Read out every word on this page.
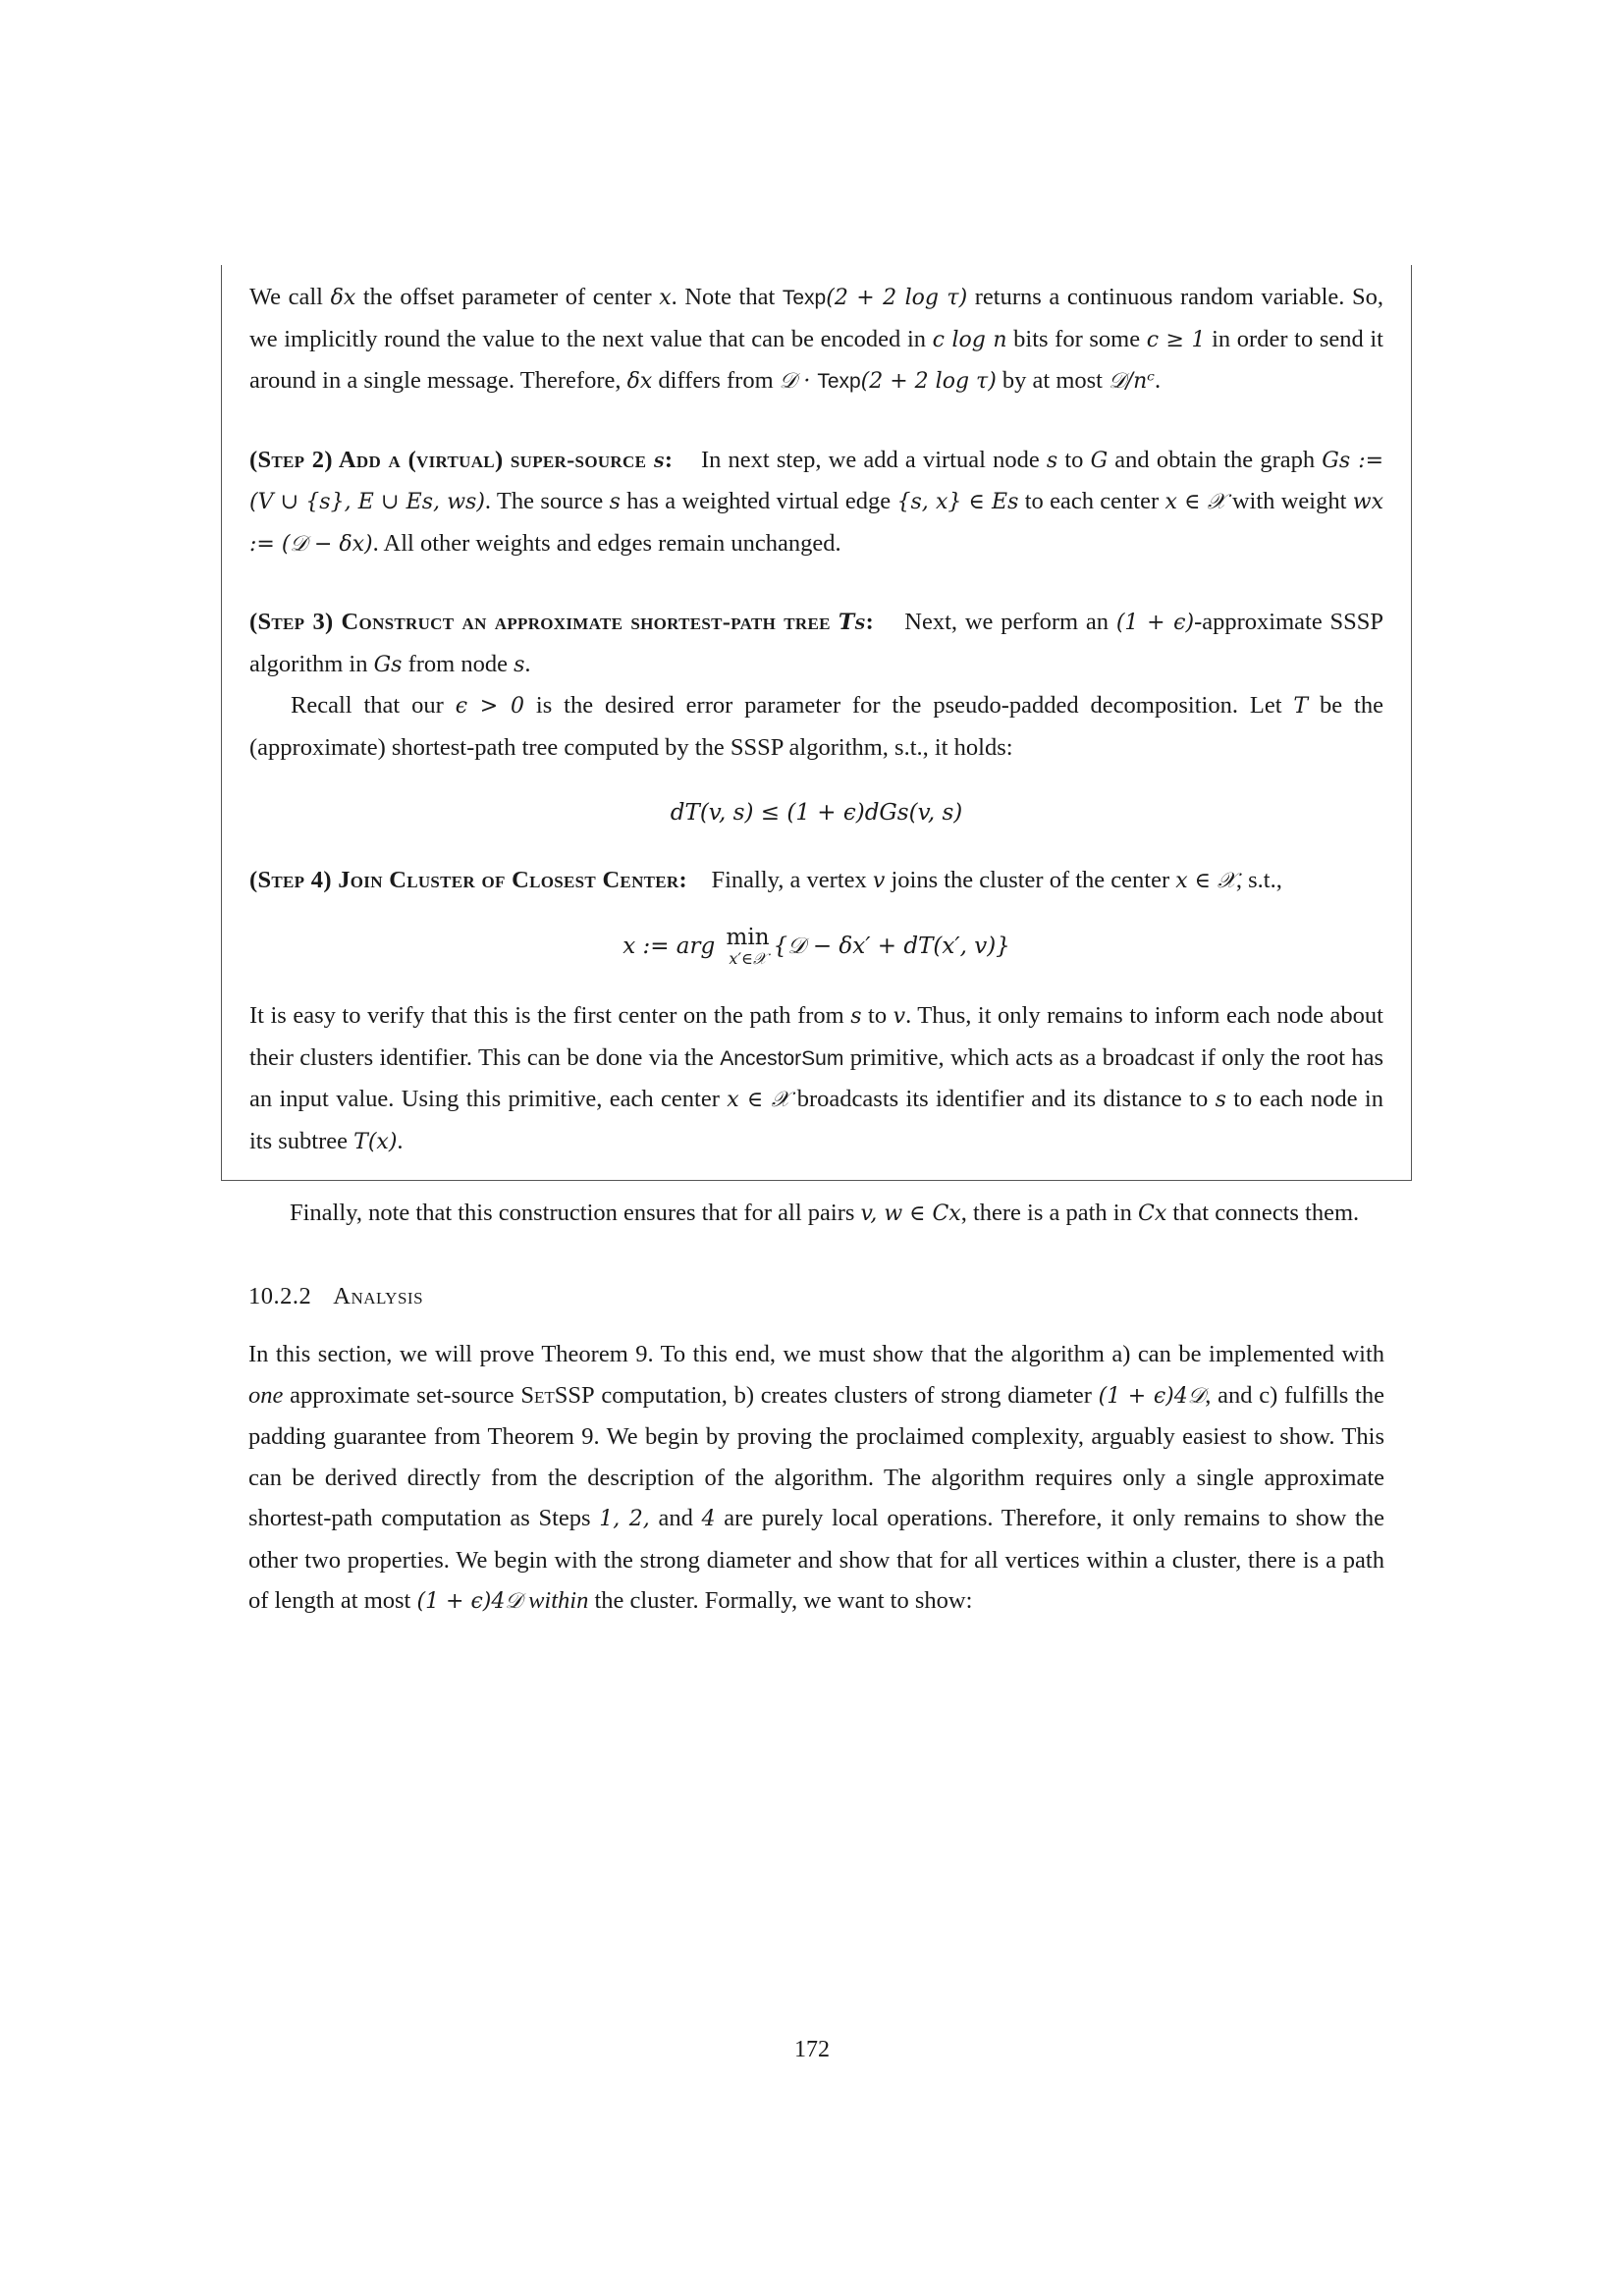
We call δx the offset parameter of center x. Note that Texp(2 + 2 log τ) returns a continuous random variable. So, we implicitly round the value to the next value that can be encoded in c log n bits for some c ≥ 1 in order to send it around in a single message. Therefore, δx differs from 𝒟 · Texp(2 + 2 log τ) by at most 𝒟/nᶜ.

(Step 2) Add a (virtual) super-source s: In next step, we add a virtual node s to G and obtain the graph Gs := (V ∪ {s}, E ∪ Es, ws). The source s has a weighted virtual edge {s, x} ∈ Es to each center x ∈ 𝒳 with weight wx := (𝒟 − δx). All other weights and edges remain unchanged.

(Step 3) Construct an approximate shortest-path tree Ts: Next, we perform an (1 + ϵ)-approximate SSSP algorithm in Gs from node s.

Recall that our ϵ > 0 is the desired error parameter for the pseudo-padded decomposition. Let T be the (approximate) shortest-path tree computed by the SSSP algorithm, s.t., it holds:

dT(v, s) ≤ (1 + ϵ)dGs(v, s)

(Step 4) Join Cluster of Closest Center: Finally, a vertex v joins the cluster of the center x ∈ 𝒳, s.t.,

x := arg min
x′∈𝒳 {𝒟 − δx′ + dT(x′, v)}

It is easy to verify that this is the first center on the path from s to v. Thus, it only remains to inform each node about their clusters identifier. This can be done via the AncestorSum primitive, which acts as a broadcast if only the root has an input value. Using this primitive, each center x ∈ 𝒳 broadcasts its identifier and its distance to s to each node in its subtree T(x).

Finally, note that this construction ensures that for all pairs v, w ∈ Cx, there is a path in Cx that connects them.

10.2.2 Analysis

In this section, we will prove Theorem 9. To this end, we must show that the algorithm a) can be implemented with one approximate set-source SetSSP computation, b) creates clusters of strong diameter (1 + ϵ)4𝒟, and c) fulfills the padding guarantee from Theorem 9. We begin by proving the proclaimed complexity, arguably easiest to show. This can be derived directly from the description of the algorithm. The algorithm requires only a single approximate shortest-path computation as Steps 1, 2, and 4 are purely local operations. Therefore, it only remains to show the other two properties. We begin with the strong diameter and show that for all vertices within a cluster, there is a path of length at most (1 + ϵ)4𝒟 within the cluster. Formally, we want to show:

172
